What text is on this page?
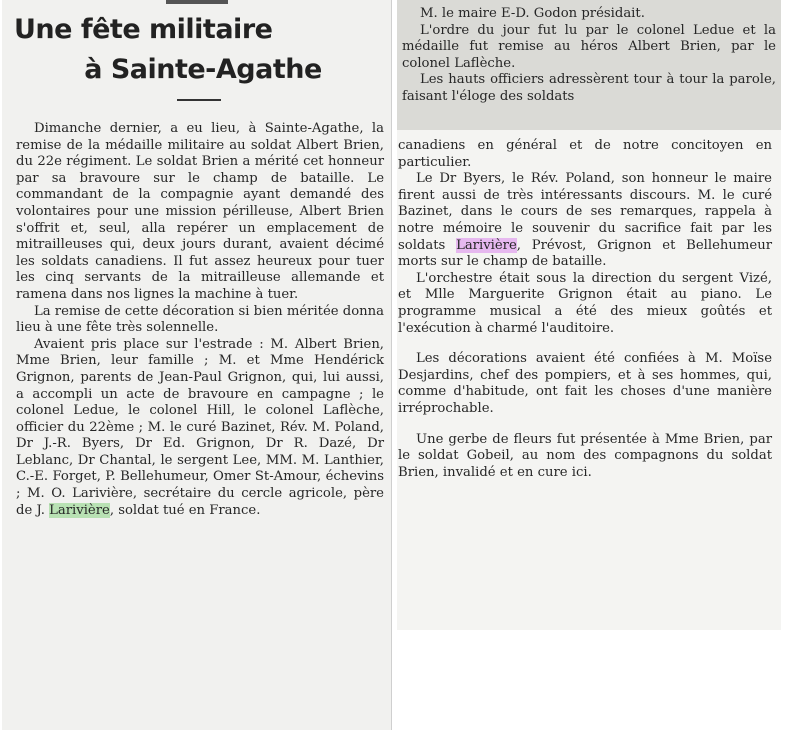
Une fête militaire
à Sainte-Agathe

Dimanche dernier, a eu lieu, à Sainte-Agathe, la remise de la médaille militaire au soldat Albert Brien, du 22e régiment. Le soldat Brien a mérité cet honneur par sa bravoure sur le champ de bataille. Le commandant de la compagnie ayant demandé des volontaires pour une mission périlleuse, Albert Brien s'offrit et, seul, alla repérer un emplacement de mitrailleuses qui, deux jours durant, avaient décimé les soldats canadiens. Il fut assez heureux pour tuer les cinq servants de la mitrailleuse allemande et ramena dans nos lignes la machine à tuer.

La remise de cette décoration si bien méritée donna lieu à une fête très solennelle.

Avaient pris place sur l'estrade : M. Albert Brien, Mme Brien, leur famille ; M. et Mme Hendérick Grignon, parents de Jean-Paul Grignon, qui, lui aussi, a accompli un acte de bravoure en campagne ; le colonel Ledue, le colonel Hill, le colonel Laflèche, officier du 22ème ; M. le curé Bazinet, Rév. M. Poland, Dr J.-R. Byers, Dr Ed. Grignon, Dr R. Dazé, Dr Leblanc, Dr Chantal, le sergent Lee, MM. M. Lanthier, C.-E. Forget, P. Bellehumeur, Omer St-Amour, échevins ; M. O. Larivière, secrétaire du cercle agricole, père de J. Larivière, soldat tué en France.

M. le maire E-D. Godon présidait.

L'ordre du jour fut lu par le colonel Ledue et la médaille fut remise au héros Albert Brien, par le colonel Laflèche.

Les hauts officiers adressèrent tour à tour la parole, faisant l'éloge des soldats

canadiens en général et de notre concitoyen en particulier.

Le Dr Byers, le Rév. Poland, son honneur le maire firent aussi de très intéressants discours. M. le curé Bazinet, dans le cours de ses remarques, rappela à notre mémoire le souvenir du sacrifice fait par les soldats Larivière, Prévost, Grignon et Bellehumeur morts sur le champ de bataille.

L'orchestre était sous la direction du sergent Vizé, et Mlle Marguerite Grignon était au piano. Le programme musical a été des mieux goûtés et l'exécution à charmé l'auditoire.

Les décorations avaient été confiées à M. Moïse Desjardins, chef des pompiers, et à ses hommes, qui, comme d'habitude, ont fait les choses d'une manière irréprochable.

Une gerbe de fleurs fut présentée à Mme Brien, par le soldat Gobeil, au nom des compagnons du soldat Brien, invalidé et en cure ici.
